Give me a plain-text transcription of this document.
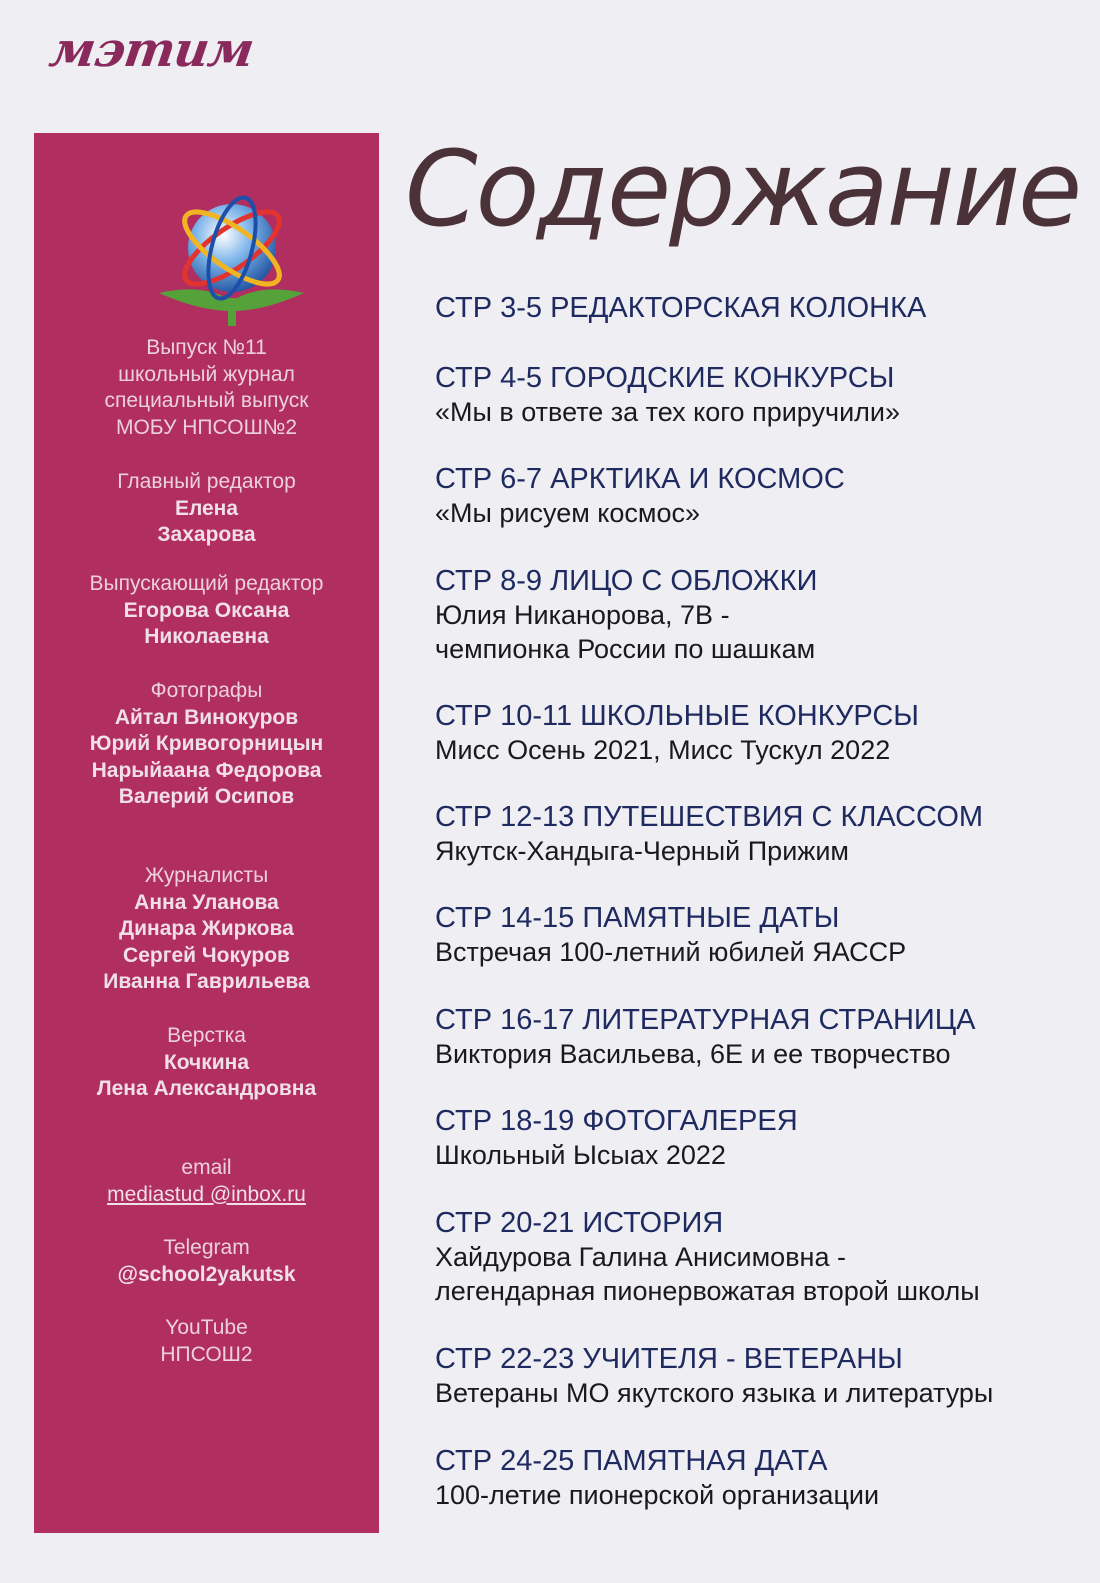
мэтим
Выпуск №11
школьный журнал
специальный выпуск
МОБУ НПСОШ№2
Главный редактор
Елена
Захарова
Выпускающий редактор
Егорова Оксана
Николаевна
Фотографы
Айтал Винокуров
Юрий Кривогорницын
Нарыйаана Федорова
Валерий Осипов
Журналисты
Анна Уланова
Динара Жиркова
Сергей Чокуров
Иванна Гаврильева
Верстка
Кочкина
Лена Александровна
email
mediastud @inbox.ru
Telegram
@school2yakutsk
YouTube
НПСОШ2
Содержание
СТР 3-5 РЕДАКТОРСКАЯ КОЛОНКА
СТР 4-5 ГОРОДСКИЕ КОНКУРСЫ
«Мы в ответе за тех кого приручили»
СТР 6-7 АРКТИКА И КОСМОС
«Мы рисуем космос»
СТР 8-9 ЛИЦО С ОБЛОЖКИ
Юлия Никанорова, 7В -
чемпионка России по шашкам
СТР 10-11 ШКОЛЬНЫЕ КОНКУРСЫ
Мисс Осень 2021, Мисс Тускул 2022
СТР 12-13 ПУТЕШЕСТВИЯ С КЛАССОМ
Якутск-Хандыга-Черный Прижим
СТР 14-15 ПАМЯТНЫЕ ДАТЫ
Встречая 100-летний юбилей ЯАССР
СТР 16-17 ЛИТЕРАТУРНАЯ СТРАНИЦА
Виктория Васильева, 6Е и ее творчество
СТР 18-19 ФОТОГАЛЕРЕЯ
Школьный Ысыах 2022
СТР 20-21 ИСТОРИЯ
Хайдурова Галина Анисимовна -
легендарная пионервожатая второй школы
СТР 22-23 УЧИТЕЛЯ - ВЕТЕРАНЫ
Ветераны МО якутского языка и литературы
СТР 24-25 ПАМЯТНАЯ ДАТА
100-летие пионерской организации
